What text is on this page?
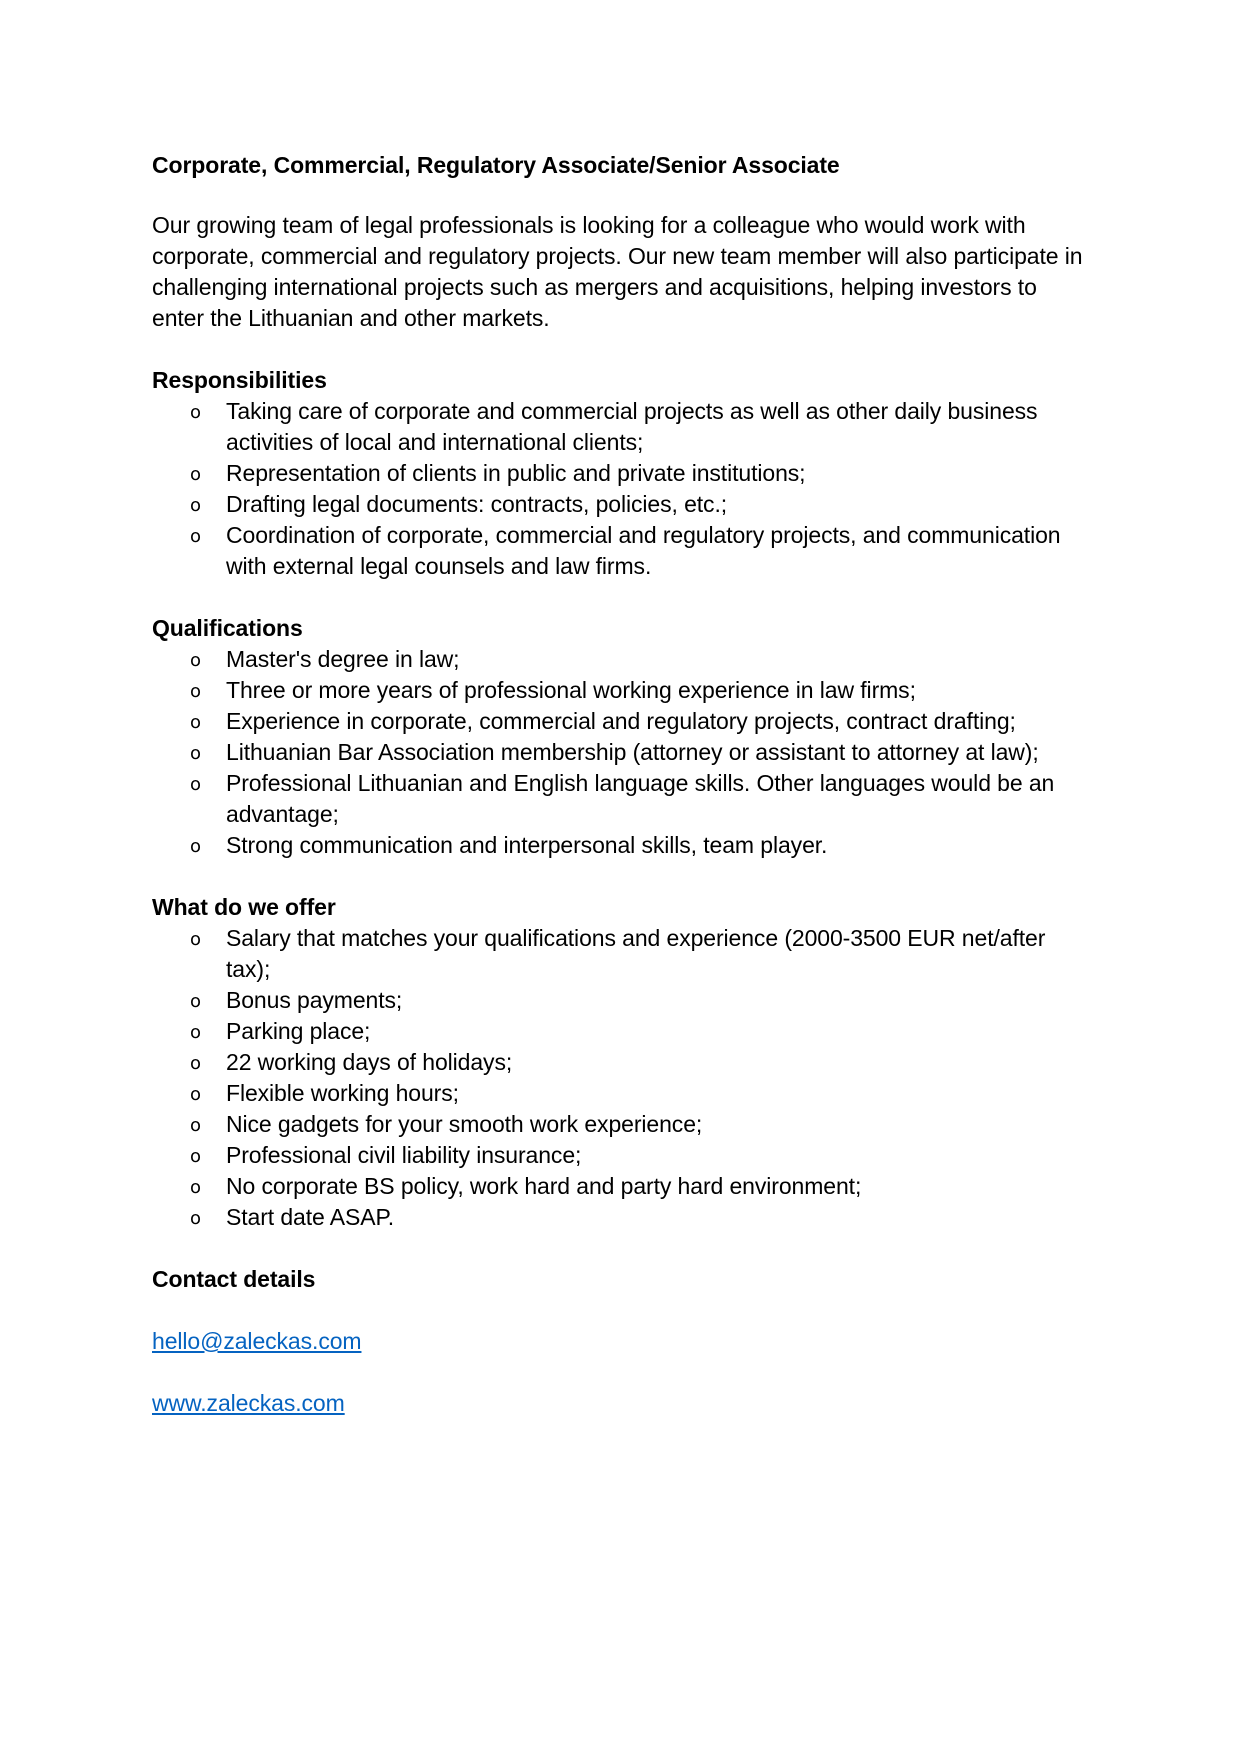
Corporate, Commercial, Regulatory Associate/Senior Associate
Our growing team of legal professionals is looking for a colleague who would work with corporate, commercial and regulatory projects. Our new team member will also participate in challenging international projects such as mergers and acquisitions, helping investors to enter the Lithuanian and other markets.
Responsibilities
o Taking care of corporate and commercial projects as well as other daily business activities of local and international clients;
o Representation of clients in public and private institutions;
o Drafting legal documents: contracts, policies, etc.;
o Coordination of corporate, commercial and regulatory projects, and communication with external legal counsels and law firms.
Qualifications
o Master's degree in law;
o Three or more years of professional working experience in law firms;
o Experience in corporate, commercial and regulatory projects, contract drafting;
o Lithuanian Bar Association membership (attorney or assistant to attorney at law);
o Professional Lithuanian and English language skills. Other languages would be an advantage;
o Strong communication and interpersonal skills, team player.
What do we offer
o Salary that matches your qualifications and experience (2000-3500 EUR net/after tax);
o Bonus payments;
o Parking place;
o 22 working days of holidays;
o Flexible working hours;
o Nice gadgets for your smooth work experience;
o Professional civil liability insurance;
o No corporate BS policy, work hard and party hard environment;
o Start date ASAP.
Contact details
hello@zaleckas.com
www.zaleckas.com
